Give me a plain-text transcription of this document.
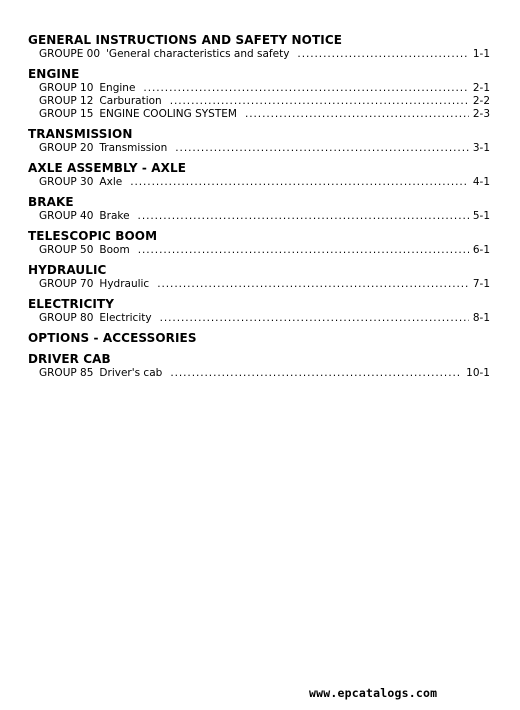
GENERAL INSTRUCTIONS AND SAFETY NOTICE
GROUPE 00 'General characteristics and safety . . .	1-1
ENGINE
GROUP 10 Engine . . .	2-1
GROUP 12 Carburation . . .	2-2
GROUP 15 ENGINE COOLING SYSTEM . . .	2-3
TRANSMISSION
GROUP 20 Transmission . . .	3-1
AXLE ASSEMBLY - AXLE
GROUP 30 Axle . . .	4-1
BRAKE
GROUP 40 Brake . . .	5-1
TELESCOPIC BOOM
GROUP 50 Boom . . .	6-1
HYDRAULIC
GROUP 70 Hydraulic . . .	7-1
ELECTRICITY
GROUP 80 Electricity . . .	8-1
OPTIONS - ACCESSORIES
DRIVER CAB
GROUP 85 Driver's cab . . .	10-1
www.epcatalogs.com
